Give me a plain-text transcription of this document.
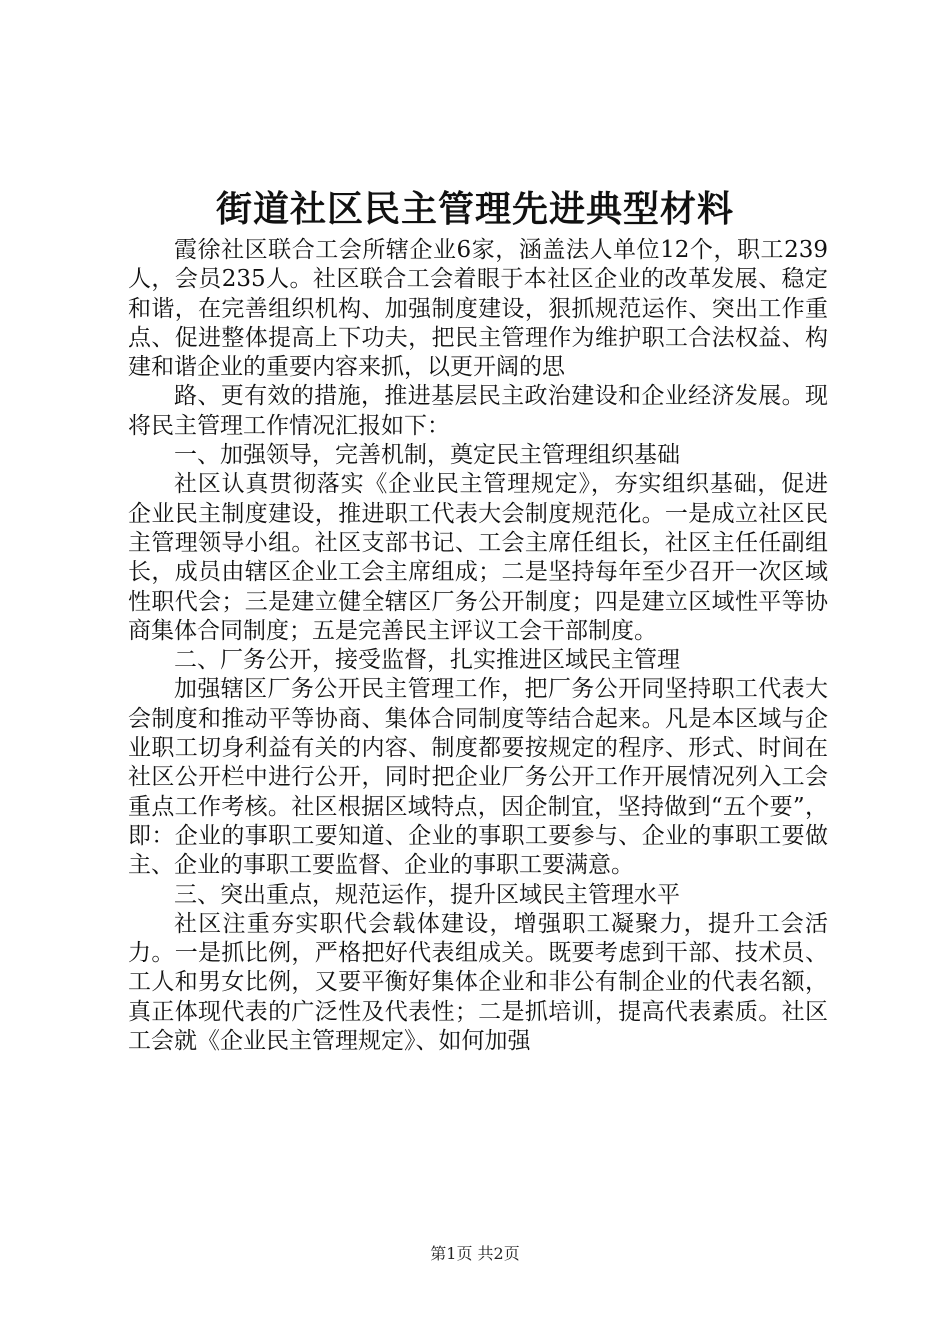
街道社区民主管理先进典型材料

霞徐社区联合工会所辖企业6家，涵盖法人单位12个，职工239人，会员235人。社区联合工会着眼于本社区企业的改革发展、稳定和谐，在完善组织机构、加强制度建设，狠抓规范运作、突出工作重点、促进整体提高上下功夫，把民主管理作为维护职工合法权益、构建和谐企业的重要内容来抓，以更开阔的思

路、更有效的措施，推进基层民主政治建设和企业经济发展。现将民主管理工作情况汇报如下：

一、加强领导，完善机制，奠定民主管理组织基础

社区认真贯彻落实《企业民主管理规定》，夯实组织基础，促进企业民主制度建设，推进职工代表大会制度规范化。一是成立社区民主管理领导小组。社区支部书记、工会主席任组长，社区主任任副组长，成员由辖区企业工会主席组成；二是坚持每年至少召开一次区域性职代会；三是建立健全辖区厂务公开制度；四是建立区域性平等协商集体合同制度；五是完善民主评议工会干部制度。

二、厂务公开，接受监督，扎实推进区域民主管理

加强辖区厂务公开民主管理工作，把厂务公开同坚持职工代表大会制度和推动平等协商、集体合同制度等结合起来。凡是本区域与企业职工切身利益有关的内容、制度都要按规定的程序、形式、时间在社区公开栏中进行公开，同时把企业厂务公开工作开展情况列入工会重点工作考核。社区根据区域特点，因企制宜，坚持做到“五个要”，即：企业的事职工要知道、企业的事职工要参与、企业的事职工要做主、企业的事职工要监督、企业的事职工要满意。

三、突出重点，规范运作，提升区域民主管理水平

社区注重夯实职代会载体建设，增强职工凝聚力，提升工会活力。一是抓比例，严格把好代表组成关。既要考虑到干部、技术员、工人和男女比例，又要平衡好集体企业和非公有制企业的代表名额，真正体现代表的广泛性及代表性；二是抓培训，提高代表素质。社区工会就《企业民主管理规定》、如何加强

第1页 共2页
